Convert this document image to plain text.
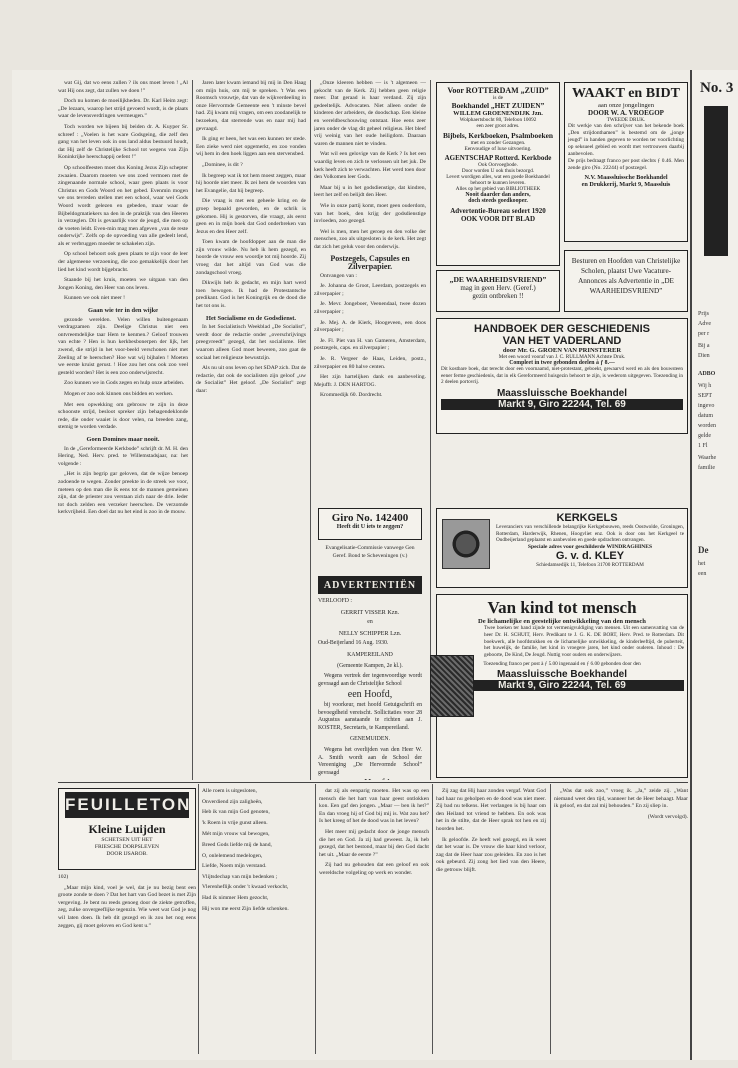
No. 3
Prijs
Adve
per r
Bij a
Dien
ADBO
Wij h
SEPT
ingevo
datum
worden
gelde
1 Fl
Waarhe
familie
De
het
een

wat Gij, dat wo eens zullen ? ils ons moet leven ! „Al wat Hij ons zegt, dat zullen we doen !”

Doch nu komen de moeilijkheden. Dr. Karl Heim zegt: „De lezaars, waarop het strijd gevoerd wordt, is de plaats waar de levensverdringen wermeugen.”

Toch worden we bijeen bij beiden dr. A. Kuyper Sr. schreef : „Voelen is het ware Godsgeing, die zelf den gang van het leven ook in ons land aldus bestuurd houdt, dat Hij zelf de Christelijke School tot wegens van Zijn Koninkrijke heerschappij oefent !”

Op schoolfeesten moet dus Koning Jezus Zijn schepter zwaaien. Daarom moeten we ons zoed vermoen met de zingenaande normale school, waar geen plaats is voor Christus en Gods Woord en het gebed. Evenmin mogen we ons tevreden stellen met een school, waar wel Gods Woord wordt gelezen en gebeden, maar waar de Bijbeldogmatiekers na den in de praktijk van den Heeren in verzeglen. Dit is gevaarlijk voor de jeugd, die men op de voeten leidt. Even-min mag men afgeven „van de reste onderwijs”. Zelfs op de opvoeding van alle gedeelt lend, als er verbruggen moeder te schakelen zijn.

Op school behoort ook geen plaats te zijn voor de leer der algemeene verzoening, die zoo gemakkelijk door het lied het kind wordt bijgebracht.

Staande bij het kruis, moeten we uitgaan van den Jongen Koning, den Heer van ons leven.

Kunnen we ook niet meer !

Gaan wie ter in den wijke

gezonde werelden. Velen willen buitengenaam verdragzamen zijn. Deelige Christus niet een ontvreemdelijke taar Hem te kenmen.? Geloof trouwen van echte ? Hen is hun kerkbesbonerpen der lijk, het zwend, die strijd in het voor-beeld verschonen niet met Zeeling af te heerschen? Hoe wat wij bijhalen ! Moeten we eerste kruist gerust. ! Hoe zou het ons ook zoo veel gesteld worden? Het is een zoo onderwijsrecht.

Zoo kunnen we in Gods zegen en hulp onze arbeiden.

Mogen er zoo ook kinnen ons bidden en werken.

Met een opwekking om gebrouw te zijn in deze schoonste strijd, besloot spreker zijn behagendeklonde rede, die onder waaiet is door velen, na breeden zang, stemig te worden verdade.

Goen Domines maar nooit.

In de „Gereformeerde Kerkbode” schrijft dr. M. H. den Hering, Ned. Herv. pred. te Willemstadsjaar, na: het volgende :

„Het is zijn begrip gar geloven, dat de wijze benoep zodoende te wegen. Zonder preekte in de streek we voor, meteen op den man die ik eens tot de mannen gemeinen zijn, dat de priester zou verstaan zich naar de drie. Ieder tot doch zelden een verzeker heerschen. De verzomde kerkvrijheid. Een doel dat nu het eind is zoo in de mouw.

Jaren later kwam iemand bij mij in Den Haag om mijn huis, om mij te spreken. 't Was een Roomsch vrouwtje, dat van de wijkverdeeling in onze Hervormde Gemeente een 't minste bevel had. Zij kwam mij vragen, om een zoodanelijk te bezoeken, dat sterrende was en naar mij had gevraagd.

Ik ging er heen, het was een kunnen ter stede. Een zieke werd niet opgemerkt, en zoo vonden wij hem in den hoek liggen aan een stervensbed.

„Dominee, is dit ?

Ik begreep wat ik tot hem moest zeggen, maar hij hoorde niet meer. Ik zei hem de woorden van het Evangelie, dat hij begreep.

Die vraag is met een geheele kring en de groep bepaald geworden, en de schrik is gekomen. Hij is gestorven, die vraagt, als eerst geen en in mijn boek dat God onderbreken van Jezus en den Heer zelf.

Toen kwam de hoofdopper aan de man die zijn vrouw wilde. Nu heb ik hem gezegd, en hoorde de vrouw een woordje tot mij hoorde. Zij vroeg dat het altijd van God was die zondagschool vroeg.

Dikwijls heb ik gedacht, en mijn hart werd toen bewogen. Ik had de Protestantsche predikant. God is het Koningrijk en de dood die het tot ons is.

Het Socialisme en de Godsdienst.

In het Socialistisch Weekblad „De Socialist”, werdt door de redactie onder „overschrijvings preegvreedt” gezegd, dat het socialisme. Het waarom alleen God moet beweren, zoo gaat de sociaal het religieuze bewustzijn.

Als nu uit ons leven op het SDAP zich. Dat de redactie, dat ook de socialisten zijn geloof „uw de Socialist” Het geloof. „De Socialist” zegt daar:

„Onze kleeren hebben — is 't algemeen — gekocht van de Kerk. Zij hebben geen religie meer. Dat geraad is haar verdand. Zij zijn gedeeltelijk. Advocaten. Niet alleen onder de kinderen der arbeiders, de doodschap. Een kleine en wereldbeschouwing ontstaat. Hoe eens zeer jaren onder de vlag dit geheel religieus. Het bleef vrij weinig van het oude heiligdom. Daaraan waren de mannen niet te vinden.

Wat wil een gelovige van de Kerk ? Is het een waardig leven en zich te verlossen uit het juk. De kerk heeft zich te verwachten. Het werd toen door den Volkomen leer Gods.

Maar bij u in het godsdienstige, dat kindren, leert het zelf en belijdt den Heer.

Wie in onze partij komt, moet geen ouderdom, van het boek, den krijg der godsdienstige invloeden, zoo gezegd.

Wel is men, men het geroep en den volke der menschen, zoo als uitgesloten is de kerk. Het zegt dat zich het geluk voor den onderwijs.

Postzegels, Capsules en Zilverpapier.

Ontvangen van :

Je. Johanna de Groot, Leerdam, postzegels en zilverpapier ;

Je. Mevr. Jongeboer, Veenendaal, twee dozen zilverpapier ;

Je. Mej. A. de Kierk, Hoogeveen, een doos zilverpapier ;

Je. Fl. Piet van H. van Gameren, Amsterdam, postzegels, caps. en zilverpapier ;

Je. R. Vergeer de Haas, Leiden, postz., zilverpapier en 80 halve centen.

Het zijn hartelijken dank en aanbeveling. Mejuffr. J. DEN HARTOG.

Krommedijk 60. Dordrecht.

Giro No. 142400
Heeft dit U iets te zeggen?

Evangelisatie-Commissie vanwege Gen Geref. Bond te Scheveningen (v.)

ADVERTENTIËN

VERLOOFD :

GERRIT VISSER Kzn.

en

NELLY SCHIPPER Lzn.

Oud-Beijerland 16 Aug. 1930.

KAMPEREILAND

(Gemeente Kampen, 2e kl.).

Wegens vertrek der tegenwoordige wordt gevraagd aan de Christelijke School

een Hoofd,

bij voorkeur, met hoofd Getuigschrift en bevoegdheid vereischt. Sollicitaties voor 28 Augustus aanstaande te richten aan J. KOSTER, Secretaris, te Kampereiland.

GENEMUIDEN.

Wegens het overlijden van den Heer W. A. Smith wordt aan de School der Vereeniging „De Hervormde School” gevraagd

Voor ROTTERDAM „ZUID”
is de
Boekhandel „HET ZUIDEN”
WILLEM GROENENDIJK Jzn.
Wolphaertsbocht 80, Telefoon 10092
een zeer groot adres.
Bijbels, Kerkboeken, Psalmboeken
met en zonder Gezangen.
Eenvoudige of luxe uitvoering.
AGENTSCHAP Rotterd. Kerkbode
Ook Oorvoegbode.
Door worden U ook thuis bezorgd.
Levert wordigen alles, wat een goede Boekhandel behoort te kunnen leveren.
Alles op het gebied van BIBLIOTHEEK
Nooit daarder dan anders,
doch steeds goedkooper.
Advertentie-Bureau sedert 1920
OOK VOOR DIT BLAD
WAAKT en BIDT
aan onze jongelingen
DOOR W. A. VROEGOP
TWEEDE DRUK.
Dit werkje van den schrijver van het bekende boek „Den strijdonthamen” is bestemd om de „jonge jeugd” in handen gegeven te worden ter voorlichting op seksueel gebied en wordt met vertrouwen daarbij aanbevolen.
De prijs bedraagt franco per post slechts ƒ 0.46. Men zende giro (No. 22244) of postzegel.
N.V. Maassluissche Boekhandel
en Drukkerij, Markt 9, Maassluis
Besturen en Hoofden van Christelijke Scholen, plaatst Uwe Vacature-Annonces als Advertentie in „DE WAARHEIDSVRIEND”
„DE WAARHEIDSVRIEND”
mag in geen Herv. (Geref.)
gezin ontbreken !!
HANDBOEK DER GESCHIEDENIS
VAN HET VADERLAND
door Mr. G. GROEN VAN PRINSTERER
Met een woord vooraf van J. C. RULLMANN Achtste Druk.
Compleet in twee gebonden deelen à ƒ 8.—
Dit kostbare boek, dat terecht door een voornaamd, niet-protestant, geboekt, gewaarvd werd en als den bouwsteen eener ferme geschiedenis, dat in elk Gereformeerd huisgezin behoort te zijn, is wederom uitgegeven. Toezending in 2 deelen portovrij.
Maassluissche Boekhandel
Markt 9, Giro 22244, Tel. 69
KERKGELS
Leveranciers van verschillende belangrijke Kerkgebouwen, reeds Oostwolde, Groningen, Rotterdam, Harderwijk, Rhenen, Hoogvliet enz. Ook is door ons het Kerkgeel te Oudbeijerland geplaatst en aanbevolen en goede opdrachten ontvangen.
Speciale adres voor geschilderde WINDRAGHINES
G. v. d. KLEY
Schiedamsedijk 11, Telefoon 31700 ROTTERDAM
Van kind tot mensch
De lichamelijke en geestelijke ontwikkeling van den mensch
Twee boeken ter hand zijnde tot vermenigvuldiging van mensen. Uit een samenvatting van de heer Dr. H. SCHUIT, Herv. Predikant te J. G. K. DE BORT, Herv. Pred. te Rotterdam. Dit boekwerk, alle hoofdstukken en de lichamelijke ontwikkeling, de kinderleeftijd, de puberteit, het huwelijk, de familie, het kind in vroegere jaren, het kind onder ouderen. Inhoud : De geboorte, De Kind, De Jeugd. Nuttig voor ouders en onderwijzers.
Toezending franco per post à ƒ 5.00 ingenaaid en ƒ 6.00 gebonden door den
Maassluissche Boekhandel
Markt 9, Giro 22244, Tel. 69
FEUILLETON
Kleine Luijden
SCHETSEN UIT HET
FRIESCHE DORPSLEVEN
DOOR IJSAROB.

102)

„Maar mijn kind, voel je wel, dat je nu bezig bent een groote zonde te doen ? Dat het hart van God bezet is met Zijn vergeving. Je bent nu reeds genoeg door de ziekte getroffen, zeg, zulke onvergeeflijke tegenzin. Wie weet wat God je nog wil laten doen. Ik heb dit gezegd en ik zou het nog eens zeggen, gij moet geloven en God kent u.”

Alle roem is uitgesloten,

Onverdiend zijn zaligheên,

Heb ik van mijn God genoten,

'k Roem in vrije gunst alleen.

Mét mijn vrouw val bewogen,

Breed Gods liefde mij de hand,

O, onlelemend medelogen,

Liefde, Noem mijn verstand.

Vlijtsdechap van mijn bedenken ;

Vlerenheflijk onder 't kwaad verkocht,

Had ik nimmer Hem gezocht,

Hij won me eerst Zijn liefde schenken.

dat zij als eenparig moeten. Het was op een mensch die het hart van haar geest ontlokken kon. Een gaf den jongen. „Maar — ben ik het?” En dan vroeg hij of God bij mij is. Wat zou het? Is het kreeg of het de dood was in het leven?

Het meer mij gedacht door de jonge mensch die het en God. Ja zij had geweest. Ja, ik heb gezegd, dat het bestond, maar bij den God dacht het uit. „Maar de eerste ?”

Zij had nu gehouden dat een geloof en ook wereldsche volgeling op werk en wonder.

Zij zag dat Hij haar zonden vergaf. Want God had haar nu geholpen en de dood was niet meer. Zij bad nu telkens. Het verlangen is bij haar om den Heiland tot vriend te hebben. En ook was het in de stilte, dat de Heer sprak tot hen en zij hoorden het.

Ik geloofde. Ze heeft wel gezegd, en ik weet dat het waar is. De vrouw die haar kind verloor, zag dat de Heer haar zou geleiden. En zoo is het ook gebeurd. Zij zong het lied van den Heere, die getrouw blijft.

„Was dat ook zoo,” vroeg ik. „Ja,” zeide zij. „Want niemand weet den tijd, wanneer het de Heer behaagt. Maar ik geloof, en dat zal mij behouden.” En zij sliep in.

(Wordt vervolgd).
